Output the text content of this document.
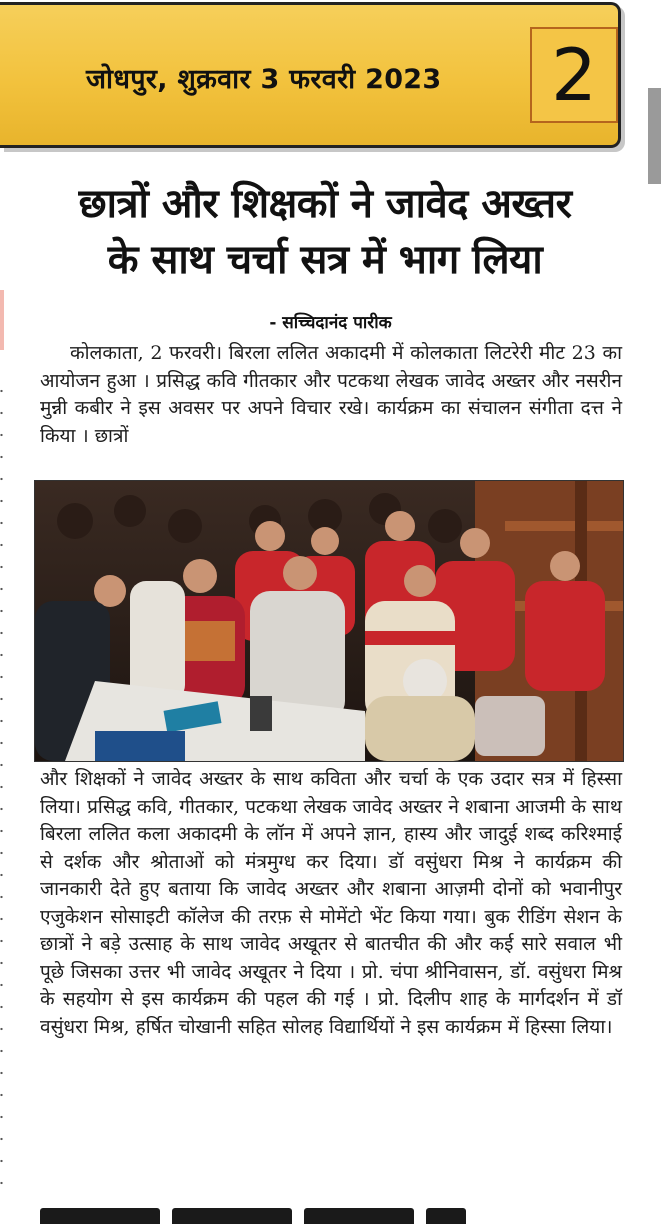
जोधपुर, शुक्रवार 3 फरवरी 2023 2
छात्रों और शिक्षकों ने जावेद अख्तर
के साथ चर्चा सत्र में भाग लिया
- सच्चिदानंद पारीक
कोलकाता, 2 फरवरी। बिरला ललित अकादमी में कोलकाता लिटरेरी मीट 23 का आयोजन हुआ । प्रसिद्ध कवि गीतकार और पटकथा लेखक जावेद अख्तर और नसरीन मुन्नी कबीर ने इस अवसर पर अपने विचार रखे। कार्यक्रम का संचालन संगीता दत्त ने किया । छात्रों
और शिक्षकों ने जावेद अख्तर के साथ कविता और चर्चा के एक उदार सत्र में हिस्सा लिया। प्रसिद्ध कवि, गीतकार, पटकथा लेखक जावेद अख्तर ने शबाना आजमी के साथ बिरला ललित कला अकादमी के लॉन में अपने ज्ञान, हास्य और जादुई शब्द करिश्माई से दर्शक और श्रोताओं को मंत्रमुग्ध कर दिया। डॉ वसुंधरा मिश्र ने कार्यक्रम की जानकारी देते हुए बताया कि जावेद अख्तर और शबाना आज़मी दोनों को भवानीपुर एजुकेशन सोसाइटी कॉलेज की तरफ़ से मोमेंटो भेंट किया गया। बुक रीडिंग सेशन के छात्रों ने बड़े उत्साह के साथ जावेद अखूतर से बातचीत की और कई सारे सवाल भी पूछे जिसका उत्तर भी जावेद अखूतर ने दिया । प्रो. चंपा श्रीनिवासन, डॉ. वसुंधरा मिश्र के सहयोग से इस कार्यक्रम की पहल की गई । प्रो. दिलीप शाह के मार्गदर्शन में डॉ वसुंधरा मिश्र, हर्षित चोखानी सहित सोलह विद्यार्थियों ने इस कार्यक्रम में हिस्सा लिया।
